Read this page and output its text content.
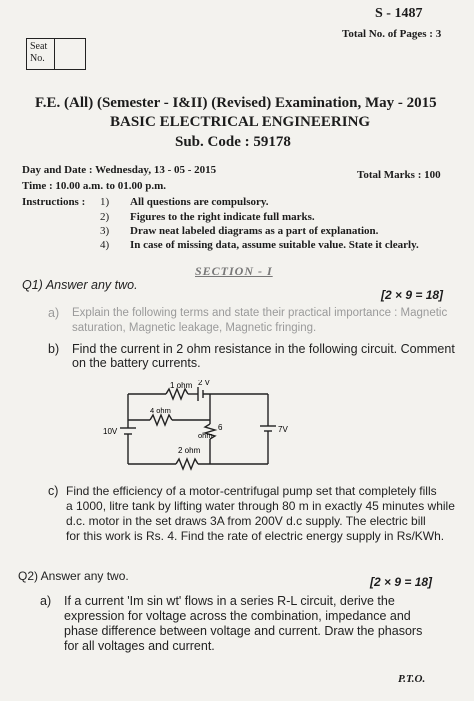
S - 1487
Total No. of Pages : 3
Seat No.
F.E. (All) (Semester - I&II) (Revised) Examination, May - 2015
BASIC ELECTRICAL ENGINEERING
Sub. Code : 59178
Day and Date : Wednesday, 13 - 05 - 2015	Total Marks : 100
Time : 10.00 a.m. to 01.00 p.m.
Instructions : 1) All questions are compulsory.
2) Figures to the right indicate full marks.
3) Draw neat labeled diagrams as a part of explanation.
4) In case of missing data, assume suitable value. State it clearly.
SECTION - I
Q1) Answer any two.
[2 × 9 = 18]
a) Explain the following terms and state their practical importance : Magnetic
saturation, Magnetic leakage, Magnetic fringing.
b) Find the current in 2 ohm resistance in the following circuit. Comment
on the battery currents.
1 ohm 2 V
4 ohm
6
ohm
2 ohm
10V	7V
c) Find the efficiency of a motor-centrifugal pump set that completely fills
a 1000, litre tank by lifting water through 80 m in exactly 45 minutes while
d.c. motor in the set draws 3A from 200V d.c supply. The electric bill
for this work is Rs. 4. Find the rate of electric energy supply in Rs/KWh.
Q2) Answer any two.	[2 × 9 = 18]
a) If a current 'Im sin wt' flows in a series R-L circuit, derive the
expression for voltage across the combination, impedance and
phase difference between voltage and current. Draw the phasors
for all voltages and current.
P.T.O.
